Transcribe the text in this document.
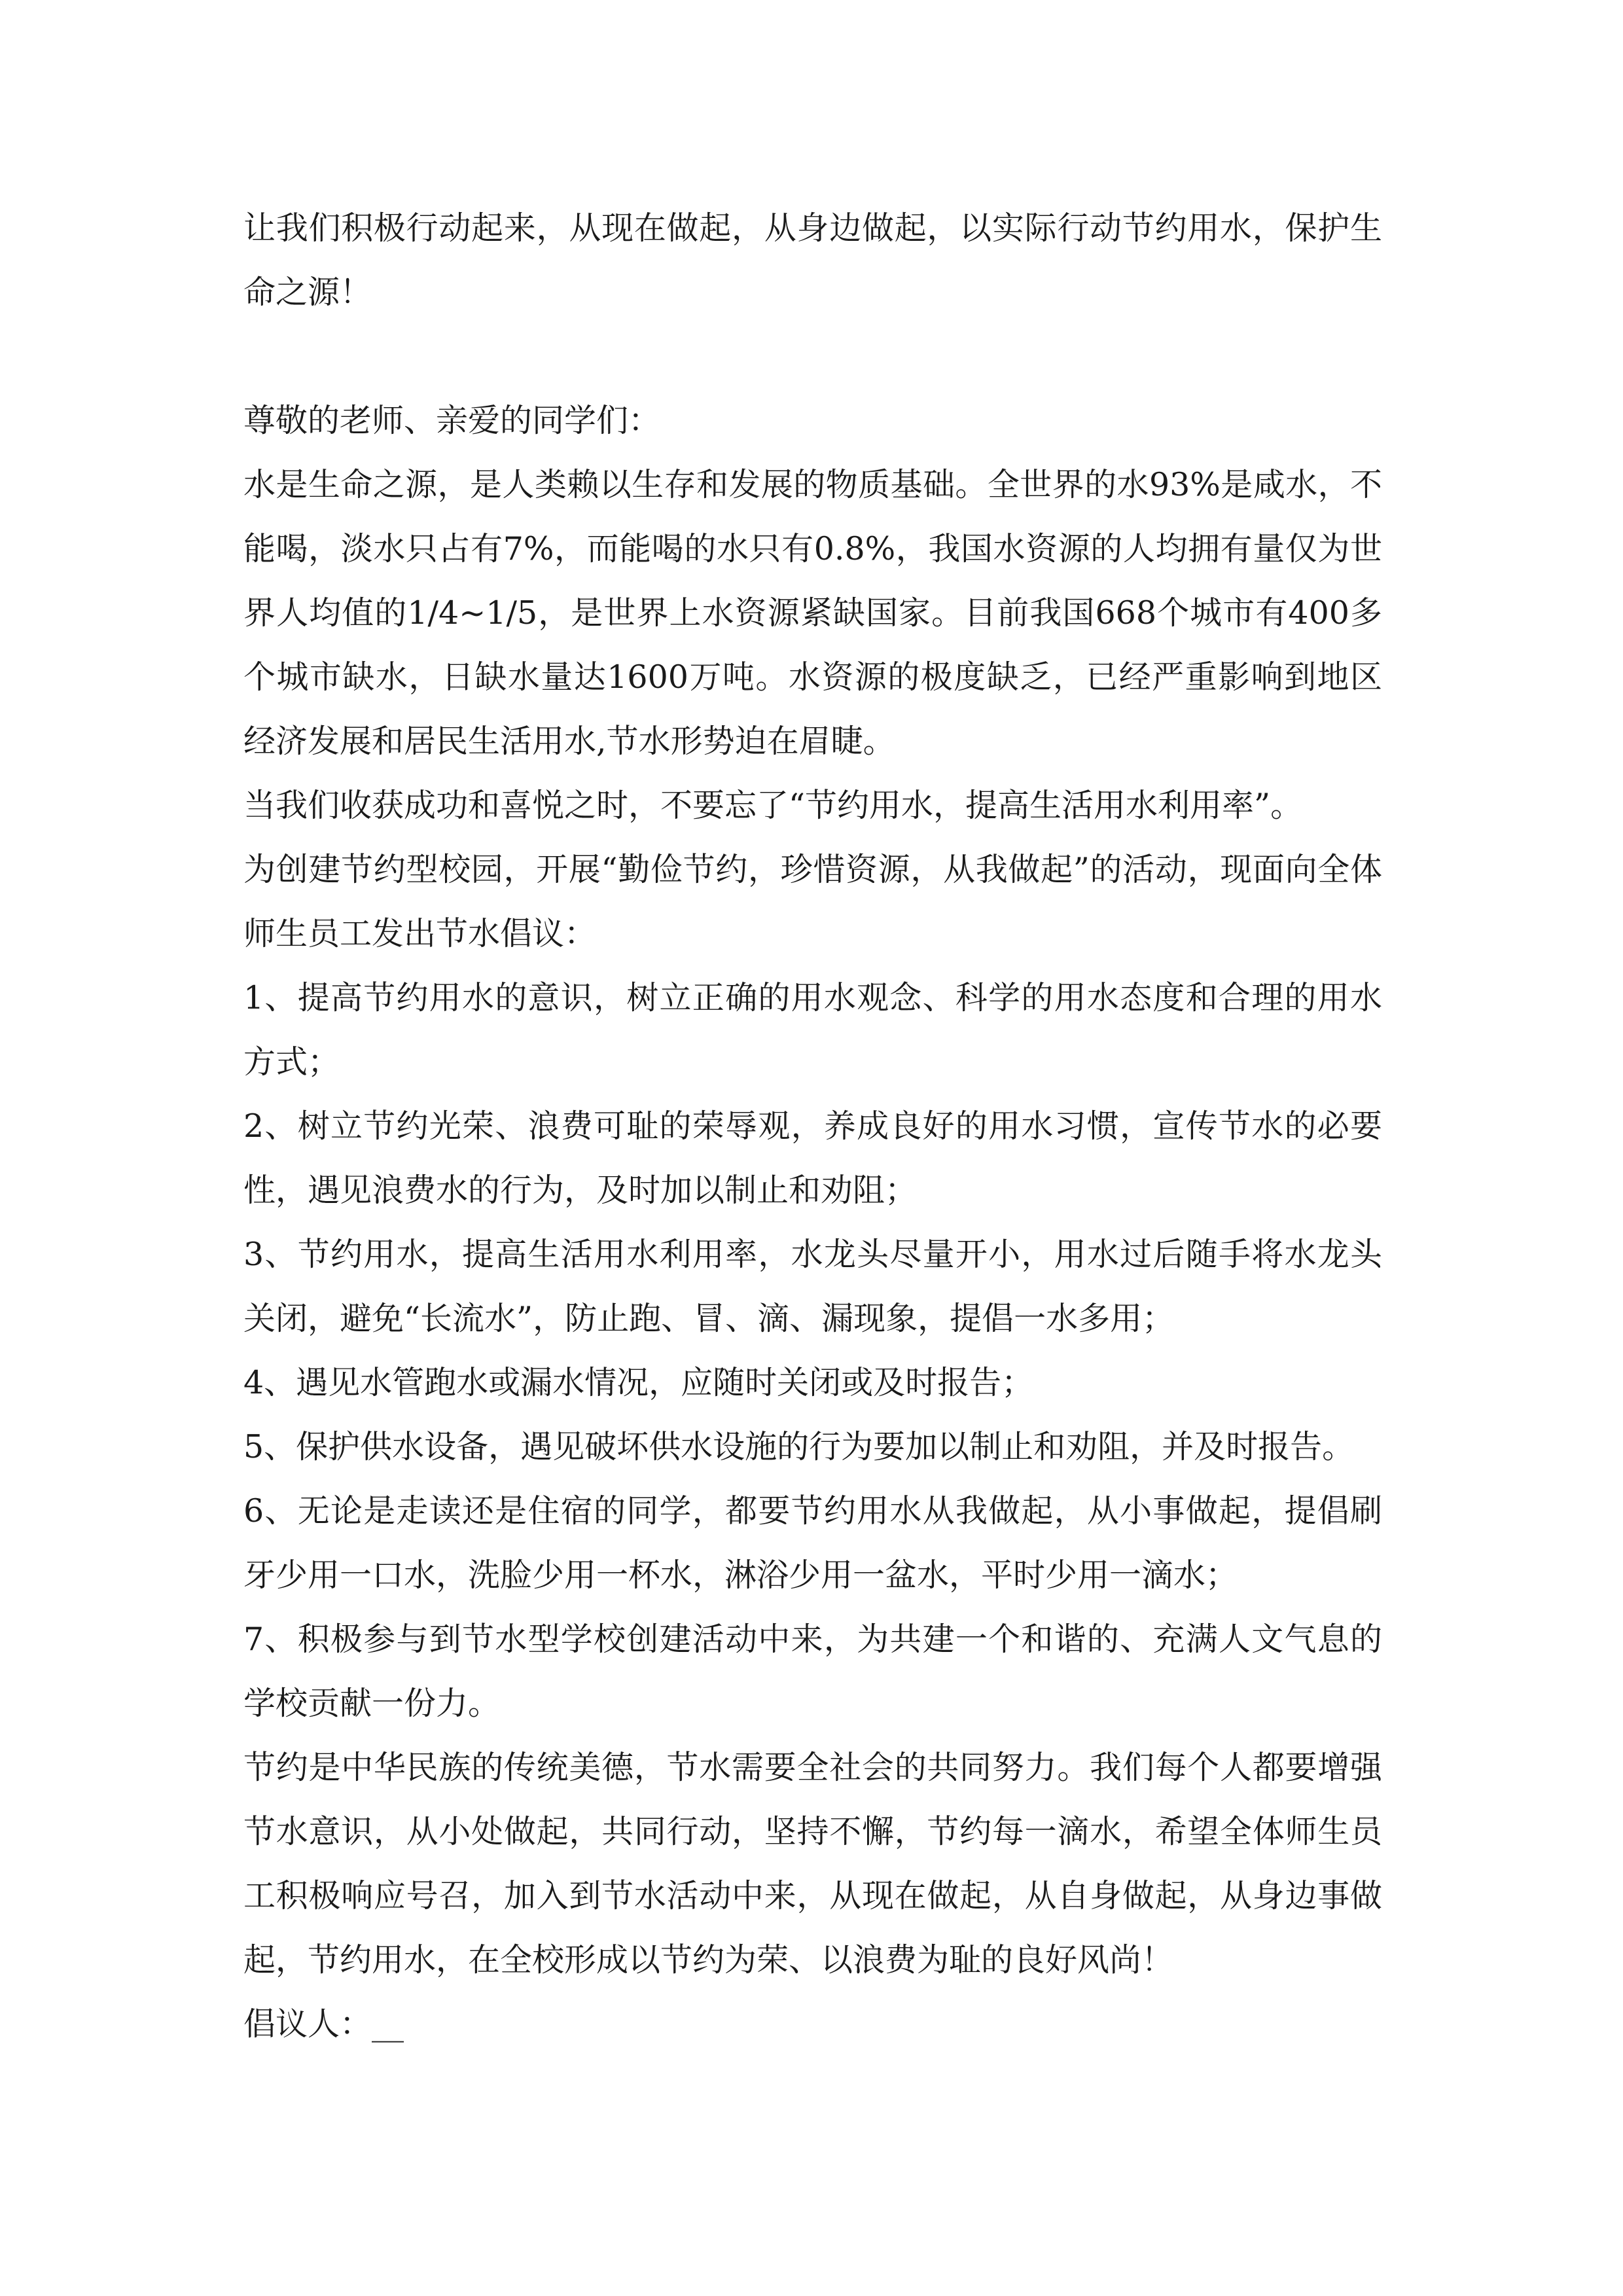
让我们积极行动起来，从现在做起，从身边做起，以实际行动节约用水，保护生命之源！

尊敬的老师、亲爱的同学们：

水是生命之源，是人类赖以生存和发展的物质基础。全世界的水93%是咸水，不能喝，淡水只占有7%，而能喝的水只有0.8%，我国水资源的人均拥有量仅为世界人均值的1/4~1/5，是世界上水资源紧缺国家。目前我国668个城市有400多个城市缺水，日缺水量达1600万吨。水资源的极度缺乏，已经严重影响到地区经济发展和居民生活用水,节水形势迫在眉睫。

当我们收获成功和喜悦之时，不要忘了“节约用水，提高生活用水利用率”。

为创建节约型校园，开展“勤俭节约，珍惜资源，从我做起”的活动，现面向全体师生员工发出节水倡议：

1、提高节约用水的意识，树立正确的用水观念、科学的用水态度和合理的用水方式；

2、树立节约光荣、浪费可耻的荣辱观，养成良好的用水习惯，宣传节水的必要性，遇见浪费水的行为，及时加以制止和劝阻；

3、节约用水，提高生活用水利用率，水龙头尽量开小，用水过后随手将水龙头关闭，避免“长流水”，防止跑、冒、滴、漏现象，提倡一水多用；

4、遇见水管跑水或漏水情况，应随时关闭或及时报告；

5、保护供水设备，遇见破坏供水设施的行为要加以制止和劝阻，并及时报告。

6、无论是走读还是住宿的同学，都要节约用水从我做起，从小事做起，提倡刷牙少用一口水，洗脸少用一杯水，淋浴少用一盆水，平时少用一滴水；

7、积极参与到节水型学校创建活动中来，为共建一个和谐的、充满人文气息的学校贡献一份力。

节约是中华民族的传统美德，节水需要全社会的共同努力。我们每个人都要增强节水意识，从小处做起，共同行动，坚持不懈，节约每一滴水，希望全体师生员工积极响应号召，加入到节水活动中来，从现在做起，从自身做起，从身边事做起，节约用水，在全校形成以节约为荣、以浪费为耻的良好风尚！

倡议人：__
